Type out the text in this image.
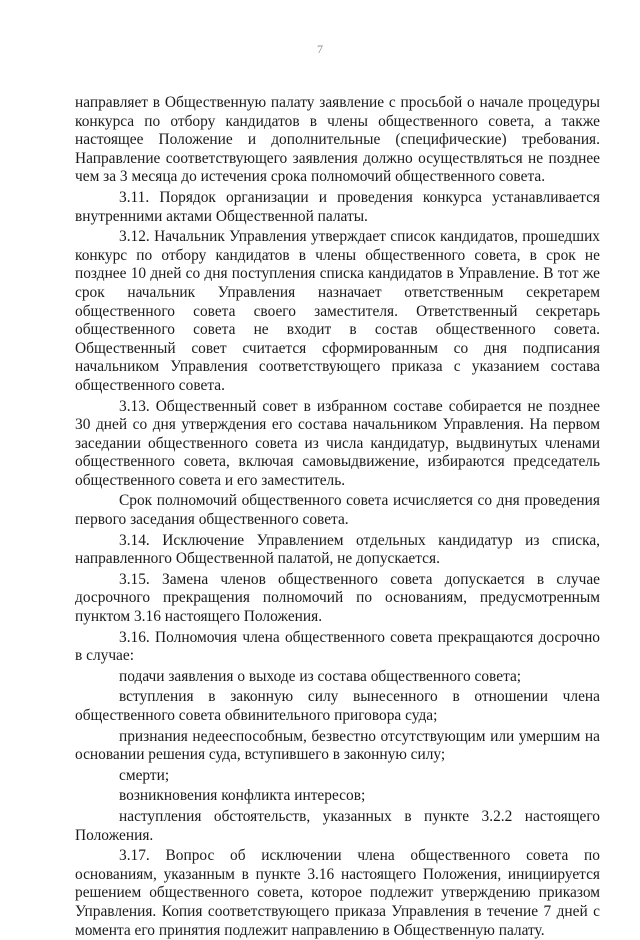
7

направляет в Общественную палату заявление с просьбой о начале процедуры конкурса по отбору кандидатов в члены общественного совета, а также настоящее Положение и дополнительные (специфические) требования. Направление соответствующего заявления должно осуществляться не позднее чем за 3 месяца до истечения срока полномочий общественного совета.

3.11. Порядок организации и проведения конкурса устанавливается внутренними актами Общественной палаты.

3.12. Начальник Управления утверждает список кандидатов, прошедших конкурс по отбору кандидатов в члены общественного совета, в срок не позднее 10 дней со дня поступления списка кандидатов в Управление. В тот же срок начальник Управления назначает ответственным секретарем общественного совета своего заместителя. Ответственный секретарь общественного совета не входит в состав общественного совета. Общественный совет считается сформированным со дня подписания начальником Управления соответствующего приказа с указанием состава общественного совета.

3.13. Общественный совет в избранном составе собирается не позднее 30 дней со дня утверждения его состава начальником Управления. На первом заседании общественного совета из числа кандидатур, выдвинутых членами общественного совета, включая самовыдвижение, избираются председатель общественного совета и его заместитель.

Срок полномочий общественного совета исчисляется со дня проведения первого заседания общественного совета.

3.14. Исключение Управлением отдельных кандидатур из списка, направленного Общественной палатой, не допускается.

3.15. Замена членов общественного совета допускается в случае досрочного прекращения полномочий по основаниям, предусмотренным пунктом 3.16 настоящего Положения.

3.16. Полномочия члена общественного совета прекращаются досрочно в случае:

подачи заявления о выходе из состава общественного совета;

вступления в законную силу вынесенного в отношении члена общественного совета обвинительного приговора суда;

признания недееспособным, безвестно отсутствующим или умершим на основании решения суда, вступившего в законную силу;

смерти;

возникновения конфликта интересов;

наступления обстоятельств, указанных в пункте 3.2.2 настоящего Положения.

3.17. Вопрос об исключении члена общественного совета по основаниям, указанным в пункте 3.16 настоящего Положения, инициируется решением общественного совета, которое подлежит утверждению приказом Управления. Копия соответствующего приказа Управления в течение 7 дней с момента его принятия подлежит направлению в Общественную палату.
